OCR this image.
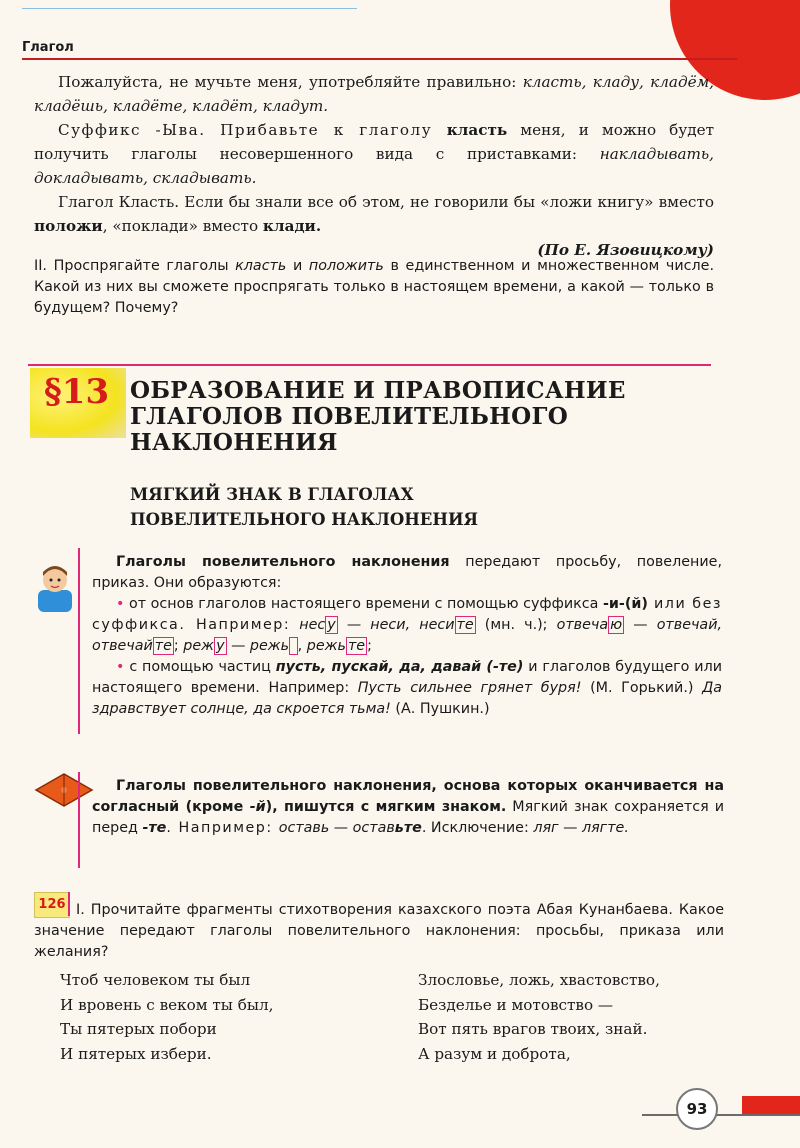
Глагол

Пожалуйста, не мучьте меня, употребляйте правильно: класть, кладу, кладём, кладёшь, кладёте, кладёт, кладут.

Суффикс -Ыва. Прибавьте к глаголу класть меня, и можно будет получить глаголы несовершенного вида с приставками: накладывать, докладывать, складывать.

Глагол Класть. Если бы знали все об этом, не говорили бы «ложи книгу» вместо положи, «поклади» вместо клади.

(По Е. Язовицкому)

II. Проспрягайте глаголы класть и положить в единственном и множественном числе. Какой из них вы сможете проспрягать только в настоящем времени, а какой — только в будущем? Почему?

§13 ОБРАЗОВАНИЕ И ПРАВОПИСАНИЕ ГЛАГОЛОВ ПОВЕЛИТЕЛЬНОГО НАКЛОНЕНИЯ
МЯГКИЙ ЗНАК В ГЛАГОЛАХ
ПОВЕЛИТЕЛЬНОГО НАКЛОНЕНИЯ

Глаголы повелительного наклонения передают просьбу, повеление, приказ. Они образуются:

• от основ глаголов настоящего времени с помощью суффикса -и-(й) или без суффикса. Например: нес у — неси, неси те (мн. ч.); отвеча ю — отвечай, отвечай те ; реж у — режь , режь те ;

• с помощью частиц пусть, пускай, да, давай (-те) и глаголов будущего или настоящего времени. Например: Пусть сильнее грянет буря! (М. Горький.) Да здравствует солнце, да скроется тьма! (А. Пушкин.)

Глаголы повелительного наклонения, основа которых оканчивается на согласный (кроме -й), пишутся с мягким знаком. Мягкий знак сохраняется и перед -те. Например: оставь — оставьте. Исключение: ляг — лягте.

126 I. Прочитайте фрагменты стихотворения казахского поэта Абая Кунанбаева. Какое значение передают глаголы повелительного наклонения: просьбы, приказа или желания?

Чтоб человеком ты был
И вровень с веком ты был,
Ты пятерых побори
И пятерых избери.
Злословье, ложь, хвастовство,
Безделье и мотовство —
Вот пять врагов твоих, знай.
А разум и доброта,
93
